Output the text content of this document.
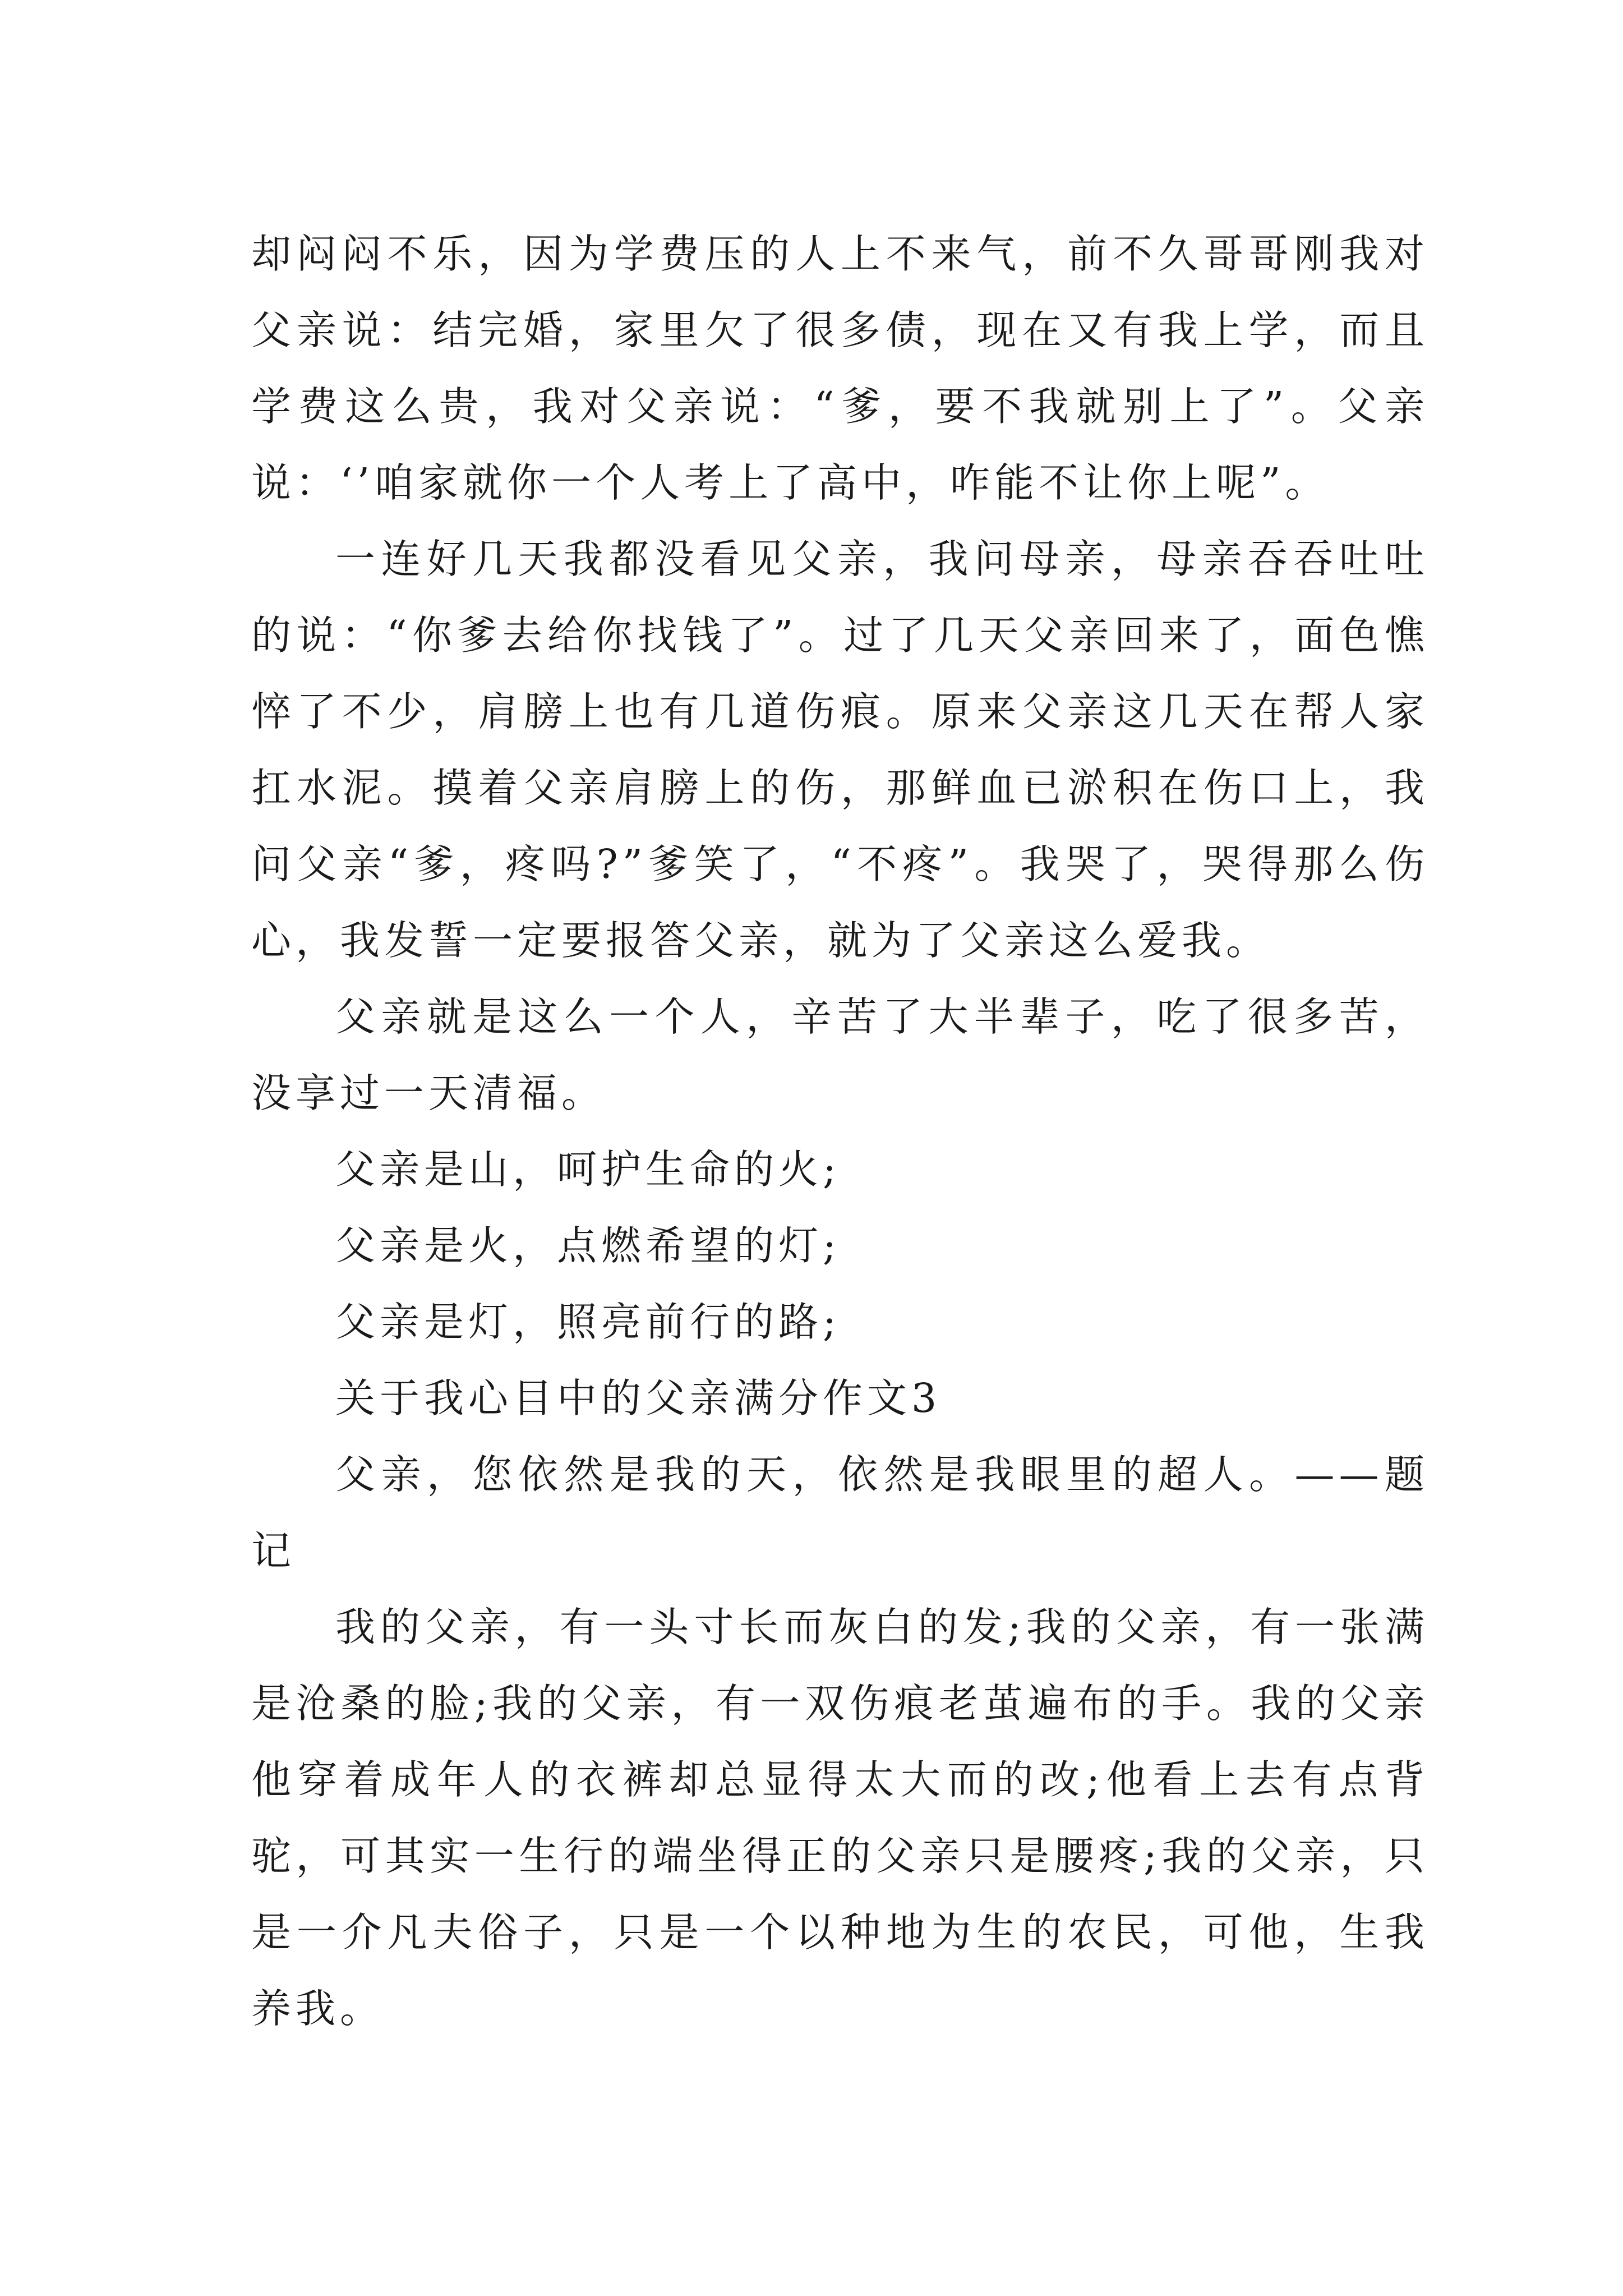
却闷闷不乐，因为学费压的人上不来气，前不久哥哥刚我对父亲说：结完婚，家里欠了很多债，现在又有我上学，而且学费这么贵，我对父亲说：“爹，要不我就别上了”。父亲说：‘’咱家就你一个人考上了高中，咋能不让你上呢”。

一连好几天我都没看见父亲，我问母亲，母亲吞吞吐吐的说：“你爹去给你找钱了”。过了几天父亲回来了，面色憔悴了不少，肩膀上也有几道伤痕。原来父亲这几天在帮人家扛水泥。摸着父亲肩膀上的伤，那鲜血已淤积在伤口上，我问父亲“爹，疼吗?”爹笑了，“不疼”。我哭了，哭得那么伤心，我发誓一定要报答父亲，就为了父亲这么爱我。

父亲就是这么一个人，辛苦了大半辈子，吃了很多苦，没享过一天清福。

父亲是山，呵护生命的火;

父亲是火，点燃希望的灯;

父亲是灯，照亮前行的路;

关于我心目中的父亲满分作文3

父亲，您依然是我的天，依然是我眼里的超人。——题记

我的父亲，有一头寸长而灰白的发;我的父亲，有一张满是沧桑的脸;我的父亲，有一双伤痕老茧遍布的手。我的父亲他穿着成年人的衣裤却总显得太大而的改;他看上去有点背驼，可其实一生行的端坐得正的父亲只是腰疼;我的父亲，只是一介凡夫俗子，只是一个以种地为生的农民，可他，生我养我。
